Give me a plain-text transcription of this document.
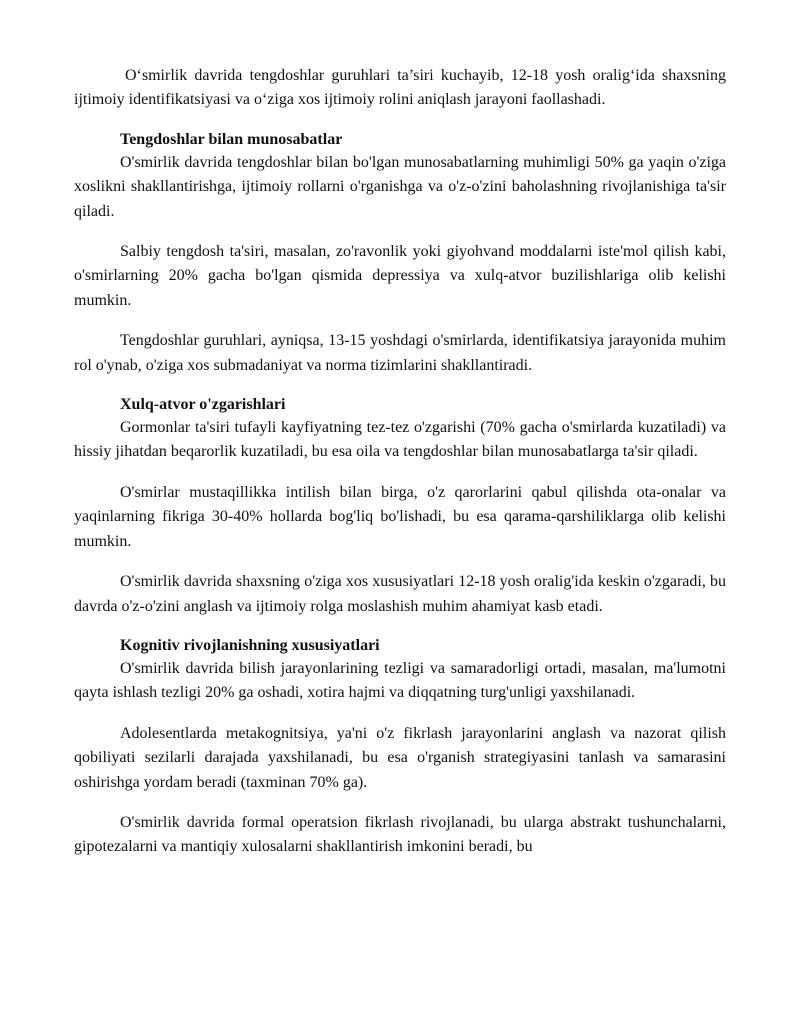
O‘smirlik davrida tengdoshlar guruhlari ta’siri kuchayib, 12-18 yosh oralig‘ida shaxsning ijtimoiy identifikatsiyasi va o‘ziga xos ijtimoiy rolini aniqlash jarayoni faollashadi.

Tengdoshlar bilan munosabatlar

O'smirlik davrida tengdoshlar bilan bo'lgan munosabatlarning muhimligi 50% ga yaqin o'ziga xoslikni shakllantirishga, ijtimoiy rollarni o'rganishga va o'z-o'zini baholashning rivojlanishiga ta'sir qiladi.

Salbiy tengdosh ta'siri, masalan, zo'ravonlik yoki giyohvand moddalarni iste'mol qilish kabi, o'smirlarning 20% gacha bo'lgan qismida depressiya va xulq-atvor buzilishlariga olib kelishi mumkin.

Tengdoshlar guruhlari, ayniqsa, 13-15 yoshdagi o'smirlarda, identifikatsiya jarayonida muhim rol o'ynab, o'ziga xos submadaniyat va norma tizimlarini shakllantiradi.

Xulq-atvor o'zgarishlari

Gormonlar ta'siri tufayli kayfiyatning tez-tez o'zgarishi (70% gacha o'smirlarda kuzatiladi) va hissiy jihatdan beqarorlik kuzatiladi, bu esa oila va tengdoshlar bilan munosabatlarga ta'sir qiladi.

O'smirlar mustaqillikka intilish bilan birga, o'z qarorlarini qabul qilishda ota-onalar va yaqinlarning fikriga 30-40% hollarda bog'liq bo'lishadi, bu esa qarama-qarshiliklarga olib kelishi mumkin.

O'smirlik davrida shaxsning o'ziga xos xususiyatlari 12-18 yosh oralig'ida keskin o'zgaradi, bu davrda o'z-o'zini anglash va ijtimoiy rolga moslashish muhim ahamiyat kasb etadi.

Kognitiv rivojlanishning xususiyatlari

O'smirlik davrida bilish jarayonlarining tezligi va samaradorligi ortadi, masalan, ma'lumotni qayta ishlash tezligi 20% ga oshadi, xotira hajmi va diqqatning turg'unligi yaxshilanadi.

Adolesentlarda metakognitsiya, ya'ni o'z fikrlash jarayonlarini anglash va nazorat qilish qobiliyati sezilarli darajada yaxshilanadi, bu esa o'rganish strategiyasini tanlash va samarasini oshirishga yordam beradi (taxminan 70% ga).

O'smirlik davrida formal operatsion fikrlash rivojlanadi, bu ularga abstrakt tushunchalarni, gipotezalarni va mantiqiy xulosalarni shakllantirish imkonini beradi, bu
